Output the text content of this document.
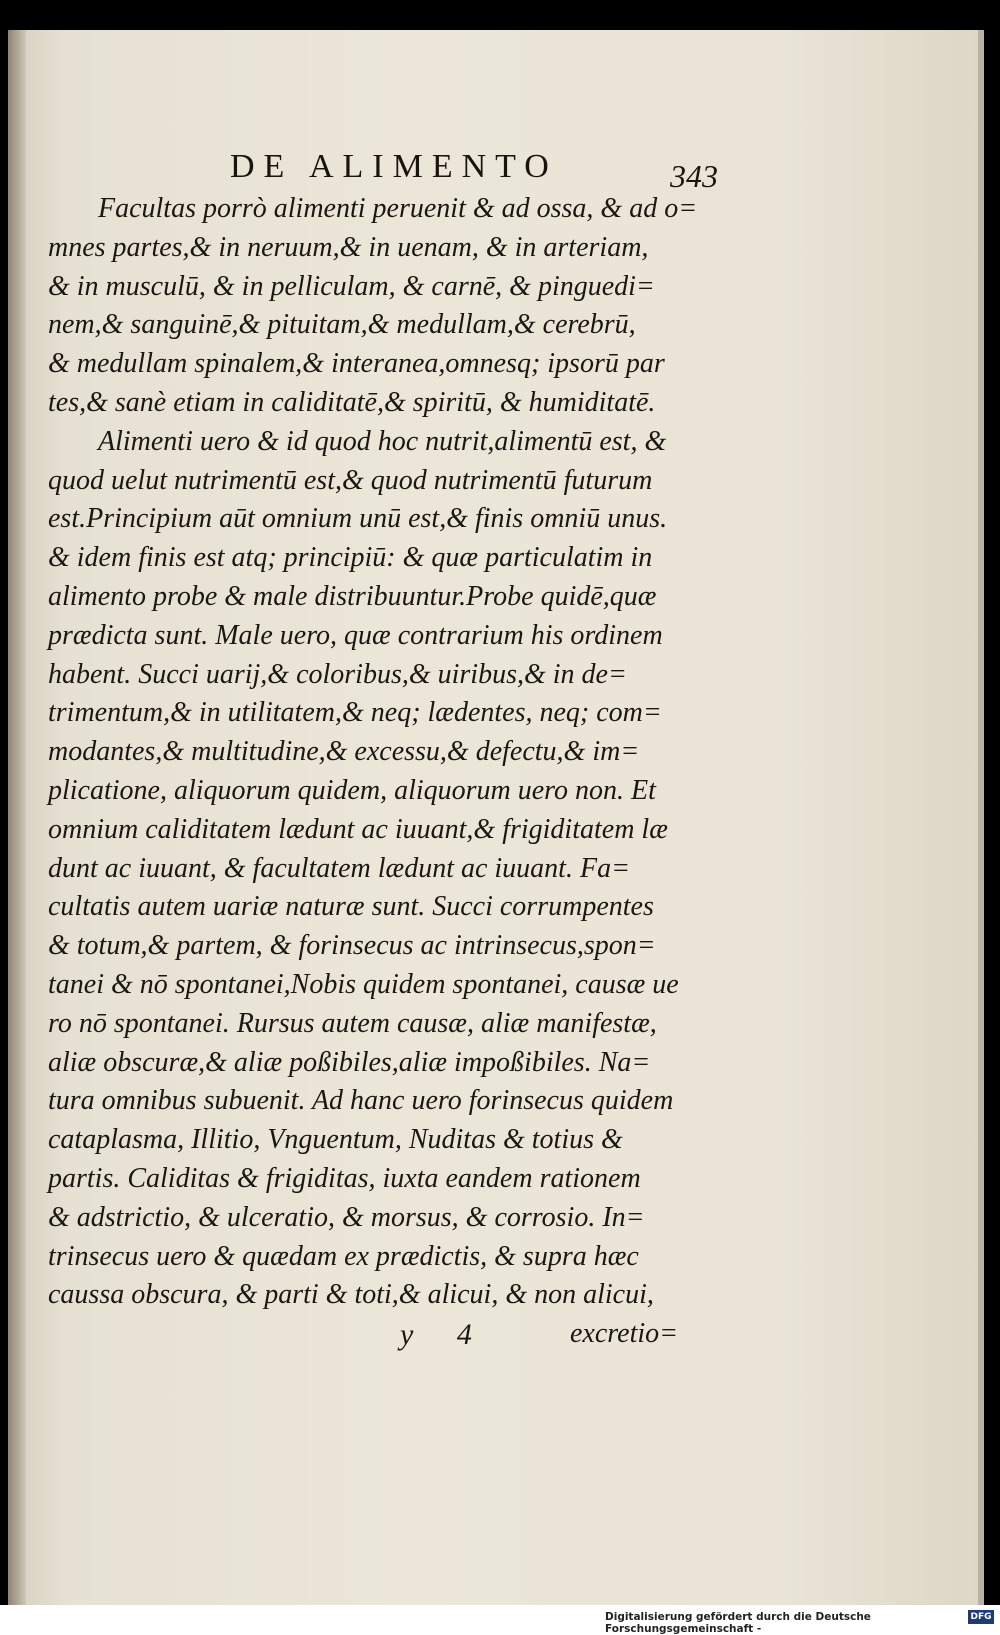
DE ALIMENTO	343
Facultas porrò alimenti peruenit & ad ossa, & ad o=
mnes partes,& in neruum,& in uenam, & in arteriam,
& in musculū, & in pelliculam, & carnē, & pinguedi=
nem,& sanguinē,& pituitam,& medullam,& cerebrū,
& medullam spinalem,& interanea,omnesq; ipsorū par
tes,& sanè etiam in caliditatē,& spiritū, & humiditatē.
Alimenti uero & id quod hoc nutrit,alimentū est, &
quod uelut nutrimentū est,& quod nutrimentū futurum
est.Principium aūt omnium unū est,& finis omniū unus.
& idem finis est atq; principiū: & quæ particulatim in
alimento probe & male distribuuntur.Probe quidē,quæ
prædicta sunt. Male uero, quæ contrarium his ordinem
habent. Succi uarij,& coloribus,& uiribus,& in de=
trimentum,& in utilitatem,& neq; lædentes, neq; com=
modantes,& multitudine,& excessu,& defectu,& im=
plicatione, aliquorum quidem, aliquorum uero non. Et
omnium caliditatem lædunt ac iuuant,& frigiditatem læ
dunt ac iuuant, & facultatem lædunt ac iuuant. Fa=
cultatis autem uariæ naturæ sunt. Succi corrumpentes
& totum,& partem, & forinsecus ac intrinsecus,spon=
tanei & nō spontanei,Nobis quidem spontanei, causæ ue
ro nō spontanei. Rursus autem causæ, aliæ manifestæ,
aliæ obscuræ,& aliæ poßibiles,aliæ impoßibiles. Na=
tura omnibus subuenit. Ad hanc uero forinsecus quidem
cataplasma, Illitio, Vnguentum, Nuditas & totius &
partis. Caliditas & frigiditas, iuxta eandem rationem
& adstrictio, & ulceratio, & morsus, & corrosio. In=
trinsecus uero & quædam ex prædictis, & supra hæc
caussa obscura, & parti & toti,& alicui, & non alicui,
y 4	excretio=
Digitalisierung gefördert durch die Deutsche Forschungsgemeinschaft -
DFG
